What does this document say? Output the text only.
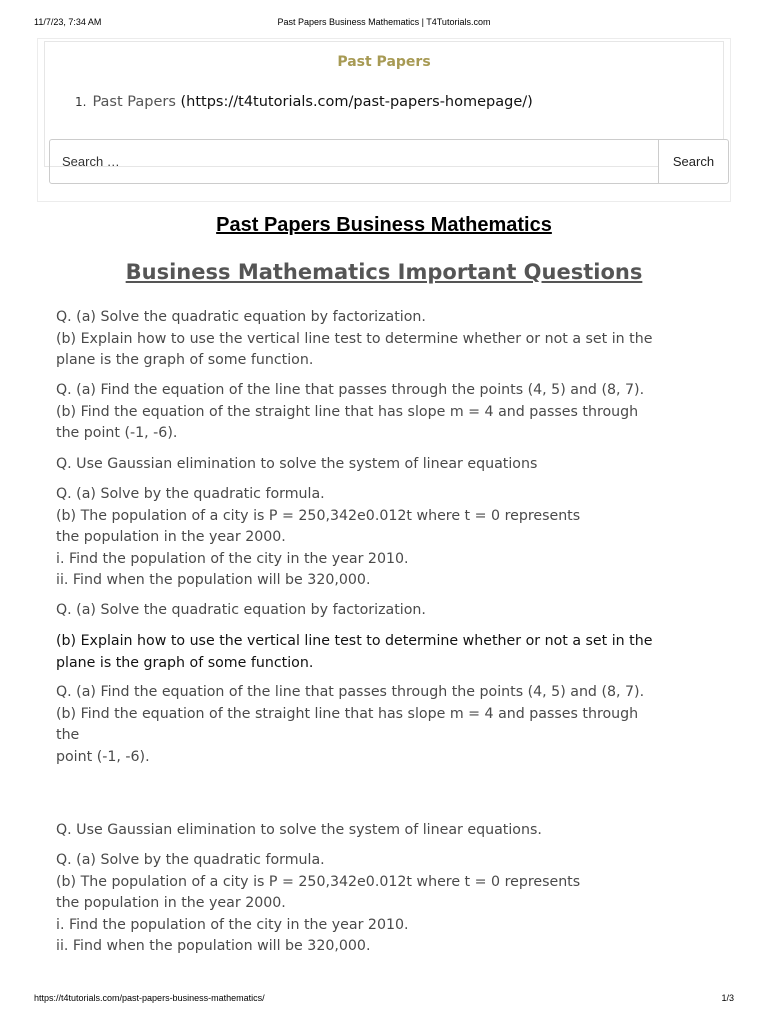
Past Papers Business Mathematics | T4Tutorials.com
11/7/23, 7:34 AM
Past Papers
1. Past Papers (https://t4tutorials.com/past-papers-homepage/)
Search …
Search
Past Papers Business Mathematics
Business Mathematics Important Questions
Q. (a) Solve the quadratic equation by factorization.
(b) Explain how to use the vertical line test to determine whether or not a set in the
plane is the graph of some function.
Q. (a) Find the equation of the line that passes through the points (4, 5) and (8, 7).
(b) Find the equation of the straight line that has slope m = 4 and passes through
the point (-1, -6).
Q. Use Gaussian elimination to solve the system of linear equations
Q. (a) Solve by the quadratic formula.
(b) The population of a city is P = 250,342e0.012t where t = 0 represents
the population in the year 2000.
i. Find the population of the city in the year 2010.
ii. Find when the population will be 320,000.
Q. (a) Solve the quadratic equation by factorization.
(b) Explain how to use the vertical line test to determine whether or not a set in the
plane is the graph of some function.
Q. (a) Find the equation of the line that passes through the points (4, 5) and (8, 7).
(b) Find the equation of the straight line that has slope m = 4 and passes through
the
point (-1, -6).
Q. Use Gaussian elimination to solve the system of linear equations.
Q. (a) Solve by the quadratic formula.
(b) The population of a city is P = 250,342e0.012t where t = 0 represents
the population in the year 2000.
i. Find the population of the city in the year 2010.
ii. Find when the population will be 320,000.
https://t4tutorials.com/past-papers-business-mathematics/	1/3
